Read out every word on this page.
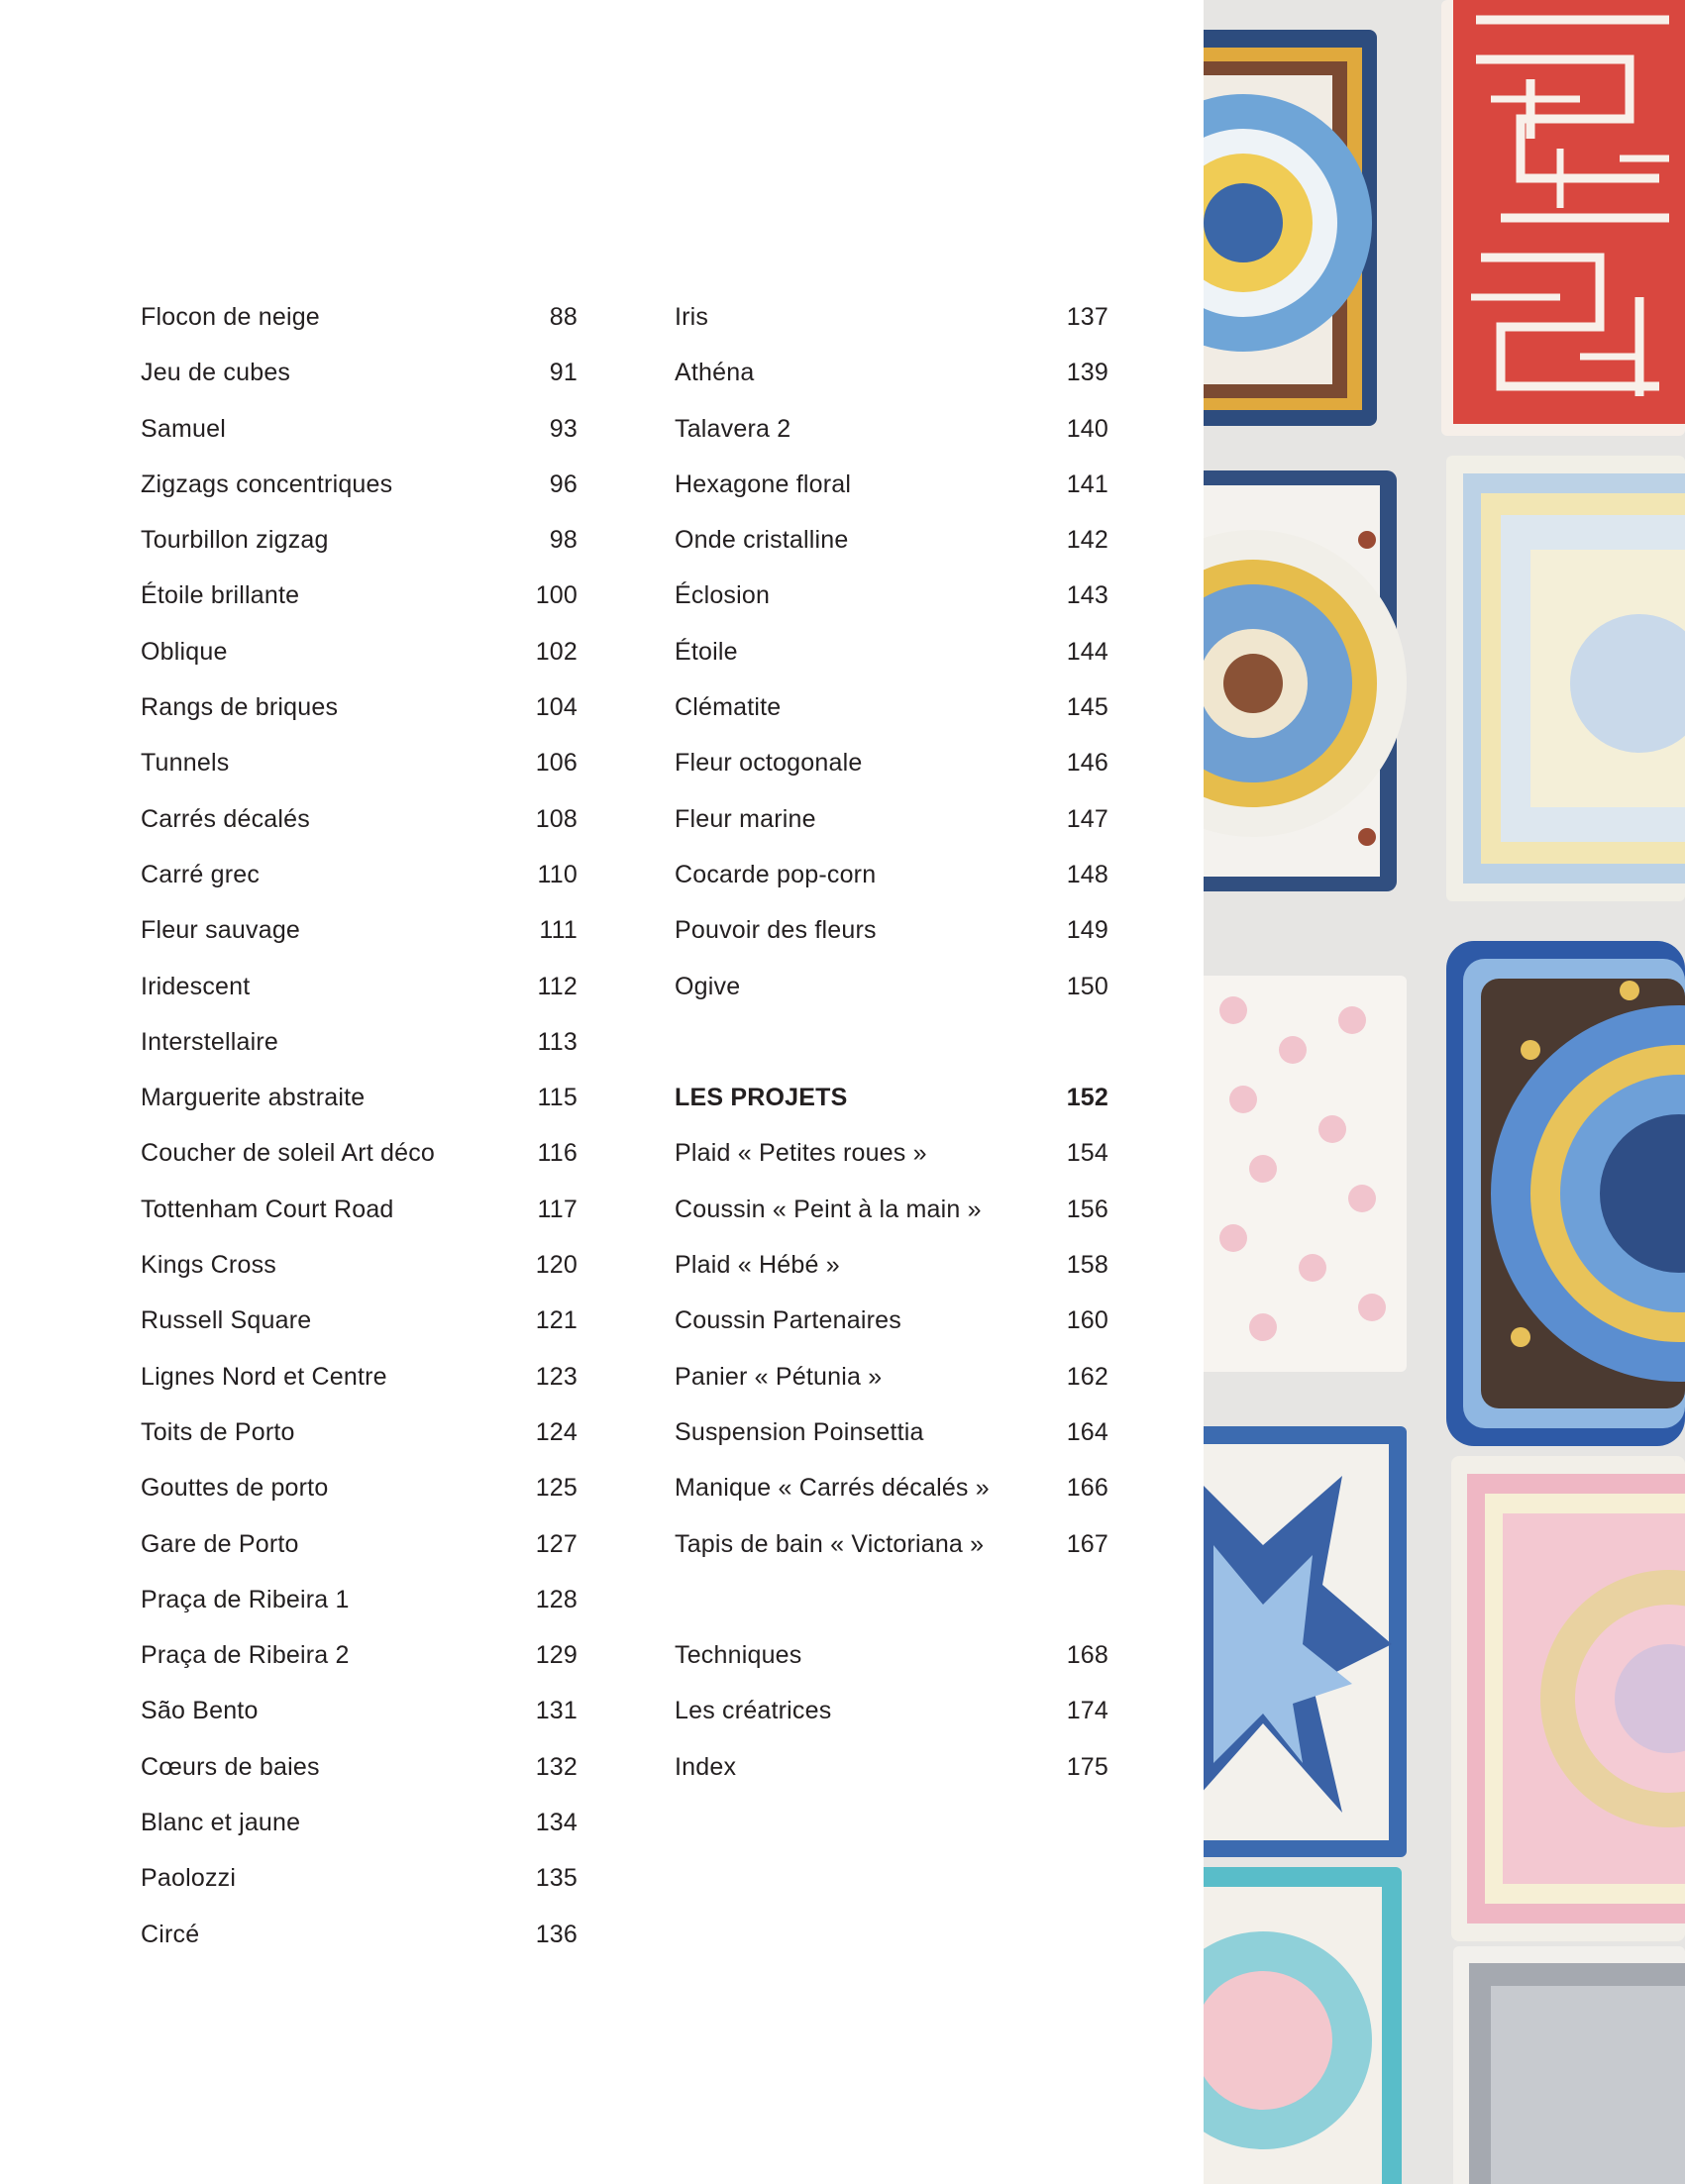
Flocon de neige	88
Jeu de cubes	91
Samuel	93
Zigzags concentriques	96
Tourbillon zigzag	98
Étoile brillante	100
Oblique	102
Rangs de briques	104
Tunnels	106
Carrés décalés	108
Carré grec	110
Fleur sauvage	111
Iridescent	112
Interstellaire	113
Marguerite abstraite	115
Coucher de soleil Art déco	116
Tottenham Court Road	117
Kings Cross	120
Russell Square	121
Lignes Nord et Centre	123
Toits de Porto	124
Gouttes de porto	125
Gare de Porto	127
Praça de Ribeira 1	128
Praça de Ribeira 2	129
São Bento	131
Cœurs de baies	132
Blanc et jaune	134
Paolozzi	135
Circé	136
Iris	137
Athéna	139
Talavera 2	140
Hexagone floral	141
Onde cristalline	142
Éclosion	143
Étoile	144
Clématite	145
Fleur octogonale	146
Fleur marine	147
Cocarde pop-corn	148
Pouvoir des fleurs	149
Ogive	150
LES PROJETS	152
Plaid « Petites roues »	154
Coussin « Peint à la main »	156
Plaid « Hébé »	158
Coussin Partenaires	160
Panier « Pétunia »	162
Suspension Poinsettia	164
Manique « Carrés décalés »	166
Tapis de bain « Victoriana »	167
Techniques	168
Les créatrices	174
Index	175
